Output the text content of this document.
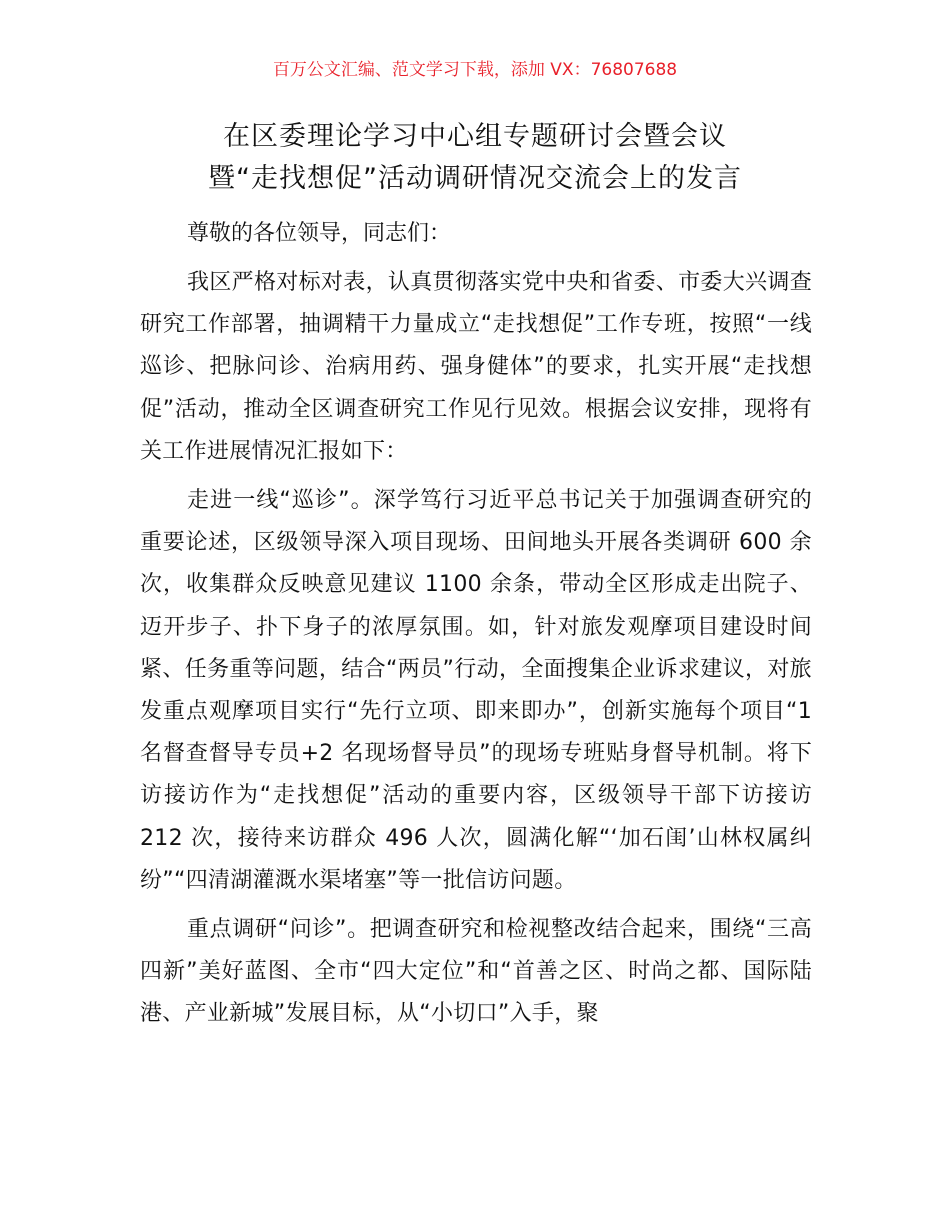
百万公文汇编、范文学习下载，添加 VX：76807688
在区委理论学习中心组专题研讨会暨会议
暨“走找想促”活动调研情况交流会上的发言

尊敬的各位领导，同志们：

我区严格对标对表，认真贯彻落实党中央和省委、市委大兴调查研究工作部署，抽调精干力量成立“走找想促”工作专班，按照“一线巡诊、把脉问诊、治病用药、强身健体”的要求，扎实开展“走找想促”活动，推动全区调查研究工作见行见效。根据会议安排，现将有关工作进展情况汇报如下：

走进一线“巡诊”。深学笃行习近平总书记关于加强调查研究的重要论述，区级领导深入项目现场、田间地头开展各类调研 600 余次，收集群众反映意见建议 1100 余条，带动全区形成走出院子、迈开步子、扑下身子的浓厚氛围。如，针对旅发观摩项目建设时间紧、任务重等问题，结合“两员”行动，全面搜集企业诉求建议，对旅发重点观摩项目实行“先行立项、即来即办”，创新实施每个项目“1 名督查督导专员+2 名现场督导员”的现场专班贴身督导机制。将下访接访作为“走找想促”活动的重要内容，区级领导干部下访接访 212 次，接待来访群众 496 人次，圆满化解“‘加石闺’山林权属纠纷”“四清湖灌溉水渠堵塞”等一批信访问题。

重点调研“问诊”。把调查研究和检视整改结合起来，围绕“三高四新”美好蓝图、全市“四大定位”和“首善之区、时尚之都、国际陆港、产业新城”发展目标，从“小切口”入手，聚
